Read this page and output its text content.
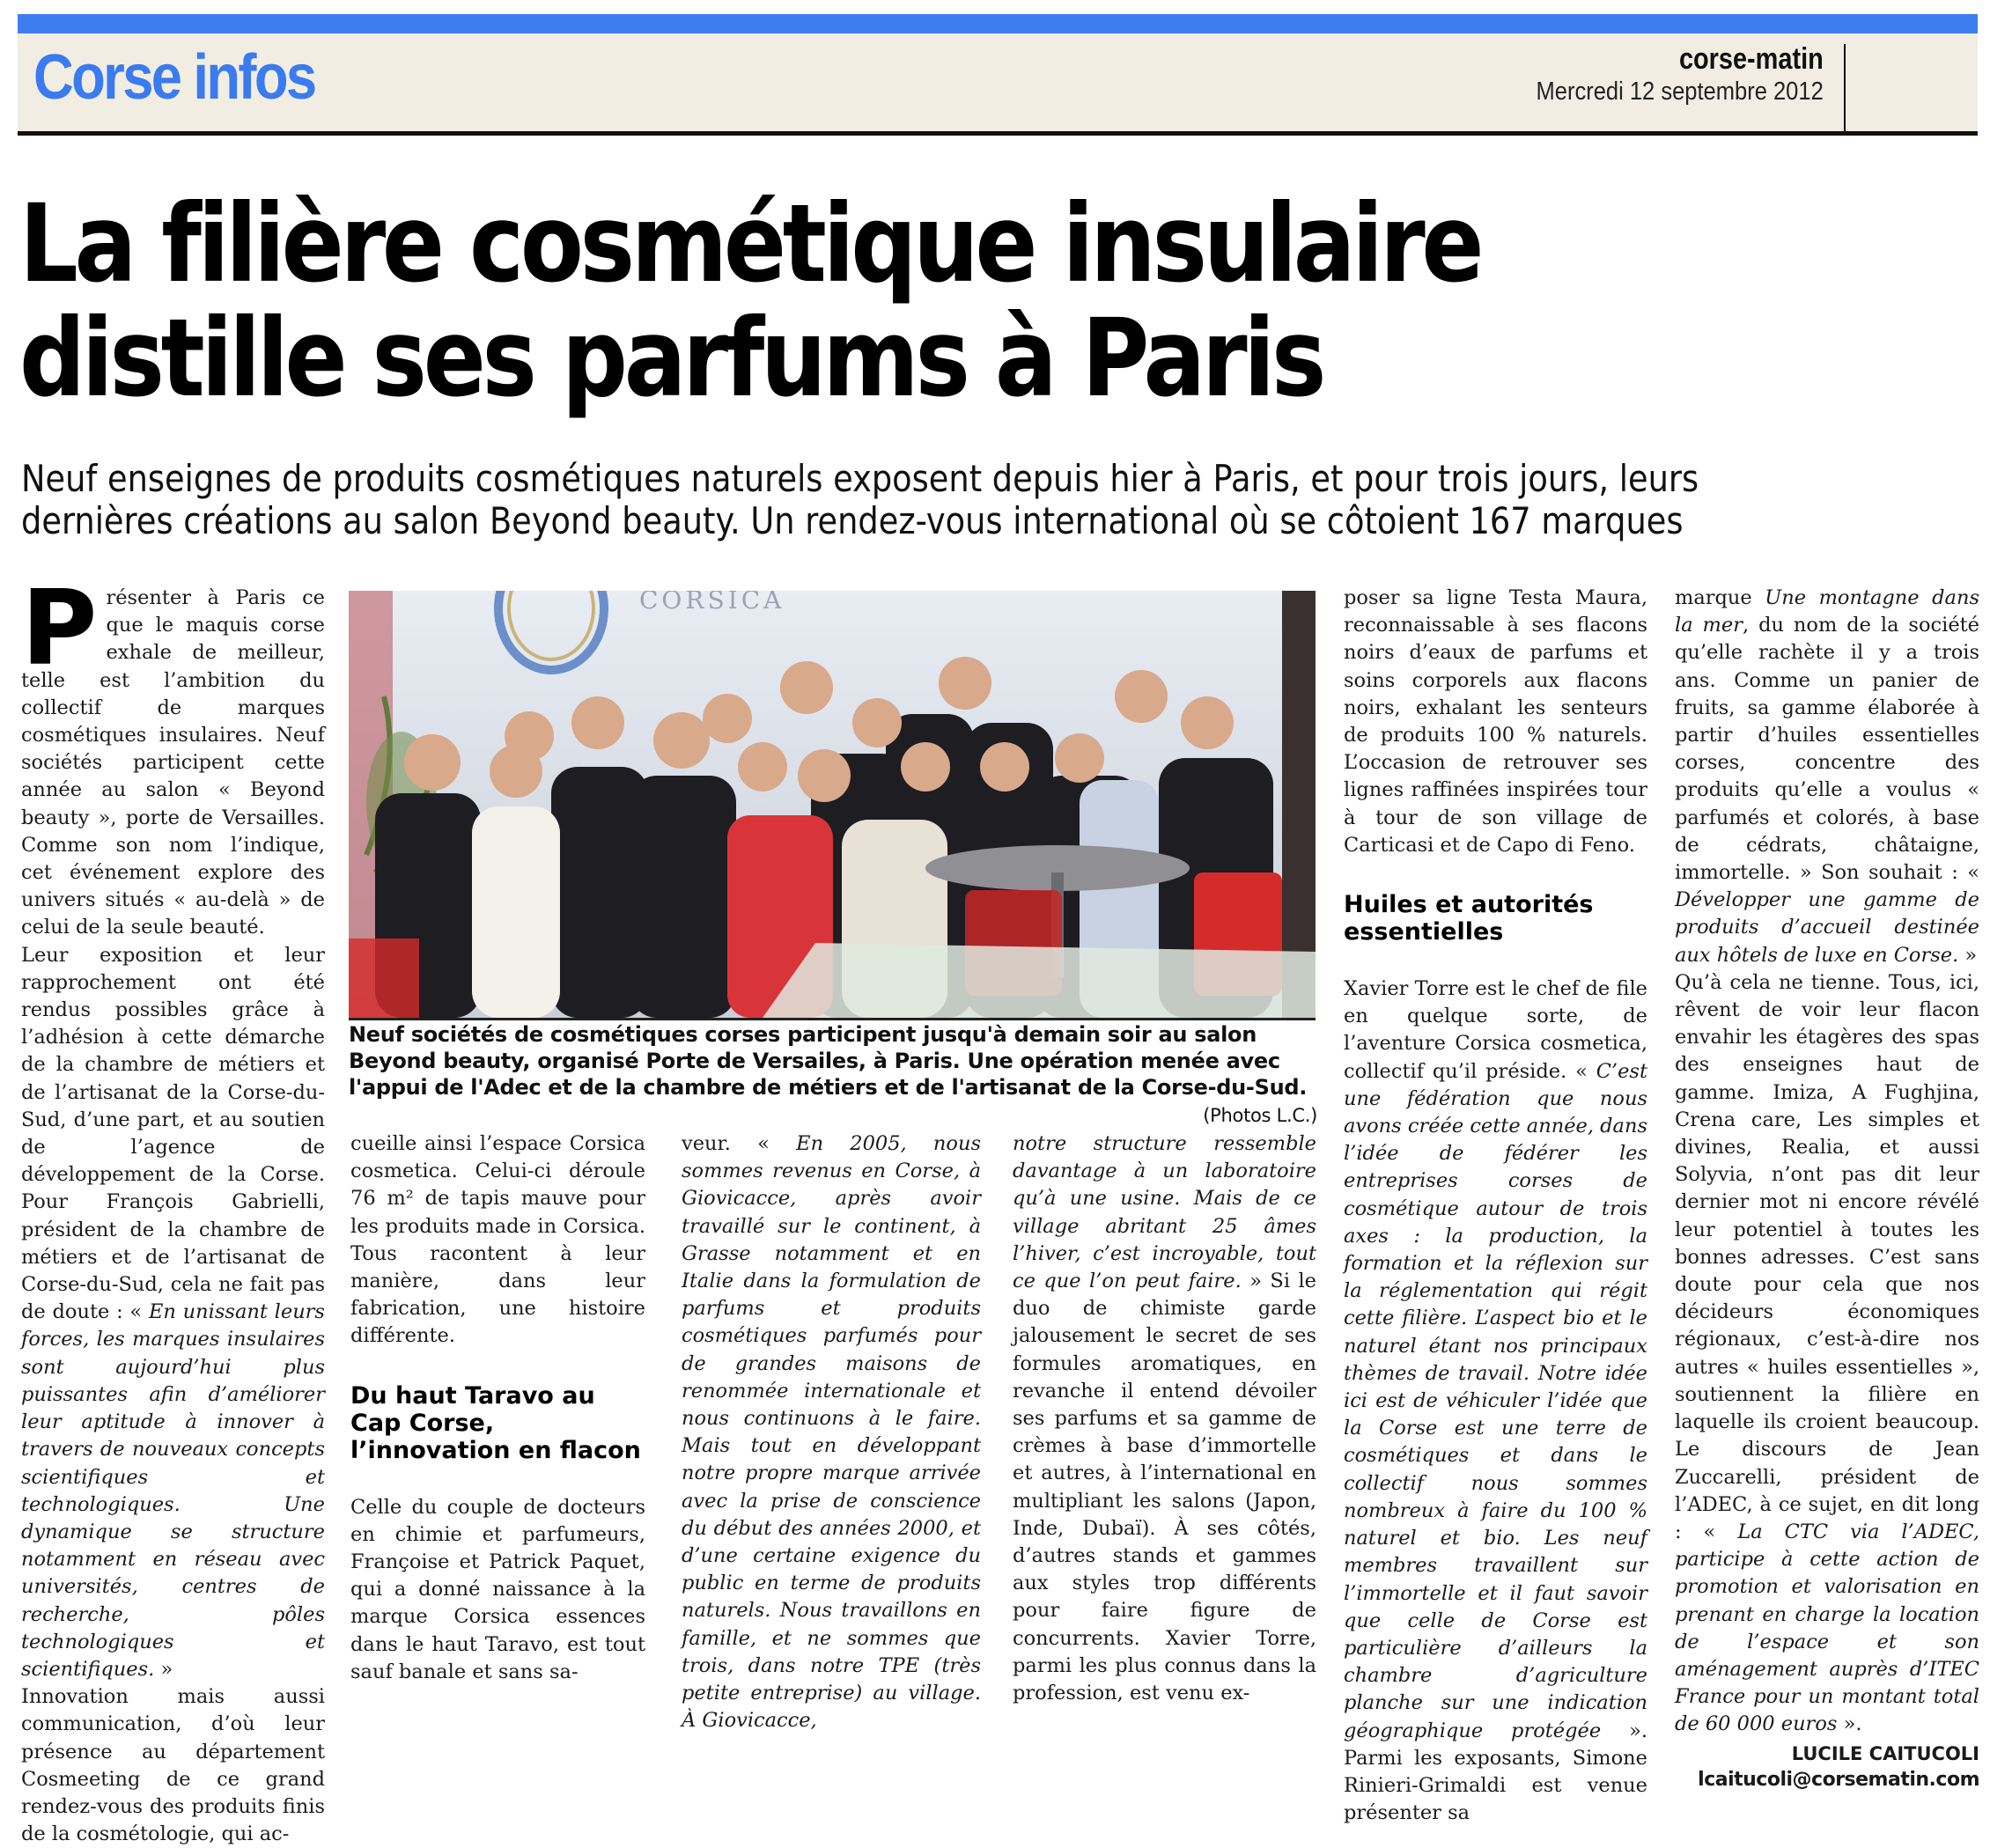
Corse infos	corse-matin
Mercredi 12 septembre 2012
La filière cosmétique insulaire
distille ses parfums à Paris
Neuf enseignes de produits cosmétiques naturels exposent depuis hier à Paris, et pour trois jours, leurs
dernières créations au salon Beyond beauty. Un rendez-vous international où se côtoient 167 marques
P résenter à Paris ce que le maquis corse exhale de meilleur, telle est l’ambition du collectif de marques cosmétiques insulaires. Neuf sociétés participent cette année au salon « Beyond beauty », porte de Versailles. Comme son nom l’indique, cet événement explore des univers situés « au-delà » de celui de la seule beauté.

Leur exposition et leur rapprochement ont été rendus possibles grâce à l’adhésion à cette démarche de la chambre de métiers et de l’artisanat de la Corse-du-Sud, d’une part, et au soutien de l’agence de développement de la Corse. Pour François Gabrielli, président de la chambre de métiers et de l’artisanat de Corse-du-Sud, cela ne fait pas de doute : « En unissant leurs forces, les marques insulaires sont aujourd’hui plus puissantes afin d’améliorer leur aptitude à innover à travers de nouveaux concepts scientifiques et technologiques. Une dynamique se structure notamment en réseau avec universités, centres de recherche, pôles technologiques et scientifiques. »

Innovation mais aussi communication, d’où leur présence au département Cosmeeting de ce grand rendez-vous des produits finis de la cosmétologie, qui ac-

CORSICA
Neuf sociétés de cosmétiques corses participent jusqu'à demain soir au salon Beyond beauty, organisé Porte de Versailes, à Paris. Une opération menée avec l'appui de l'Adec et de la chambre de métiers et de l'artisanat de la Corse-du-Sud.
(Photos L.C.)

cueille ainsi l’espace Corsica cosmetica. Celui-ci déroule 76 m² de tapis mauve pour les produits made in Corsica. Tous racontent à leur manière, dans leur fabrication, une histoire différente.

Du haut Taravo au Cap Corse, l’innovation en flacon

Celle du couple de docteurs en chimie et parfumeurs, Françoise et Patrick Paquet, qui a donné naissance à la marque Corsica essences dans le haut Taravo, est tout sauf banale et sans sa-

veur. « En 2005, nous sommes revenus en Corse, à Giovicacce, après avoir travaillé sur le continent, à Grasse notamment et en Italie dans la formulation de parfums et produits cosmétiques parfumés pour de grandes maisons de renommée internationale et nous continuons à le faire. Mais tout en développant notre propre marque arrivée avec la prise de conscience du début des années 2000, et d’une certaine exigence du public en terme de produits naturels. Nous travaillons en famille, et ne sommes que trois, dans notre TPE (très petite entreprise) au village. À Giovicacce,

notre structure ressemble davantage à un laboratoire qu’à une usine. Mais de ce village abritant 25 âmes l’hiver, c’est incroyable, tout ce que l’on peut faire. » Si le duo de chimiste garde jalousement le secret de ses formules aromatiques, en revanche il entend dévoiler ses parfums et sa gamme de crèmes à base d’immortelle et autres, à l’international en multipliant les salons (Japon, Inde, Dubaï). À ses côtés, d’autres stands et gammes aux styles trop différents pour faire figure de concurrents. Xavier Torre, parmi les plus connus dans la profession, est venu ex-

poser sa ligne Testa Maura, reconnaissable à ses flacons noirs d’eaux de parfums et soins corporels aux flacons noirs, exhalant les senteurs de produits 100 % naturels. L’occasion de retrouver ses lignes raffinées inspirées tour à tour de son village de Carticasi et de Capo di Feno.

Huiles et autorités essentielles

Xavier Torre est le chef de file en quelque sorte, de l’aventure Corsica cosmetica, collectif qu’il préside. « C’est une fédération que nous avons créée cette année, dans l’idée de fédérer les entreprises corses de cosmétique autour de trois axes : la production, la formation et la réflexion sur la réglementation qui régit cette filière. L’aspect bio et le naturel étant nos principaux thèmes de travail. Notre idée ici est de véhiculer l’idée que la Corse est une terre de cosmétiques et dans le collectif nous sommes nombreux à faire du 100 % naturel et bio. Les neuf membres travaillent sur l’immortelle et il faut savoir que celle de Corse est particulière d’ailleurs la chambre d’agriculture planche sur une indication géographique protégée ». Parmi les exposants, Simone Rinieri-Grimaldi est venue présenter sa

marque Une montagne dans la mer, du nom de la société qu’elle rachète il y a trois ans. Comme un panier de fruits, sa gamme élaborée à partir d’huiles essentielles corses, concentre des produits qu’elle a voulus « parfumés et colorés, à base de cédrats, châtaigne, immortelle. » Son souhait : « Développer une gamme de produits d’accueil destinée aux hôtels de luxe en Corse. »

Qu’à cela ne tienne. Tous, ici, rêvent de voir leur flacon envahir les étagères des spas des enseignes haut de gamme. Imiza, A Fughjina, Crena care, Les simples et divines, Realia, et aussi Solyvia, n’ont pas dit leur dernier mot ni encore révélé leur potentiel à toutes les bonnes adresses. C’est sans doute pour cela que nos décideurs économiques régionaux, c’est-à-dire nos autres « huiles essentielles », soutiennent la filière en laquelle ils croient beaucoup. Le discours de Jean Zuccarelli, président de l’ADEC, à ce sujet, en dit long : « La CTC via l’ADEC, participe à cette action de promotion et valorisation en prenant en charge la location de l’espace et son aménagement auprès d’ITEC France pour un montant total de 60 000 euros ».

LUCILE CAITUCOLI
lcaitucoli@corsematin.com
